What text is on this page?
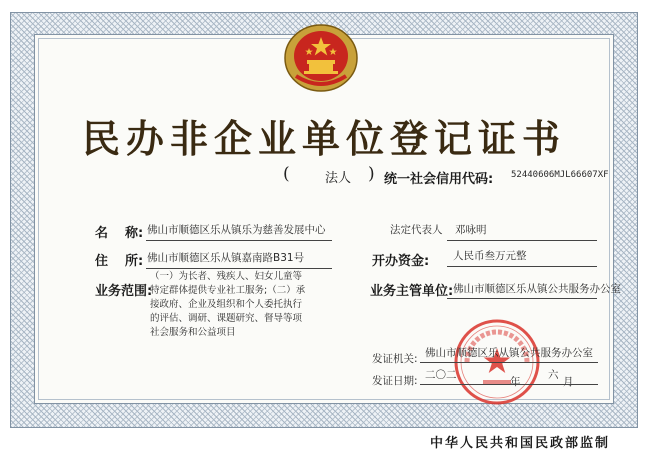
民办非企业单位登记证书
(	法人 ) 统一社会信用代码: 52440606MJL66607XF
名 称: 佛山市顺德区乐从镇乐为慈善发展中心	法定代表人 邓咏明
住 所: 佛山市顺德区乐从镇嘉南路B31号	开办资金: 人民币叁万元整
业务范围:
（一）为长者、残疾人、妇女儿童等特定群体提供专业社工服务;（二）承接政府、企业及组织和个人委托执行的评估、调研、课题研究、督导等项社会服务和公益项目
业务主管单位: 佛山市顺德区乐从镇公共服务办公室
发证机关: 佛山市顺德区乐从镇公共服务办公室
发证日期: 二〇二
年
六
月
中华人民共和国民政部监制
